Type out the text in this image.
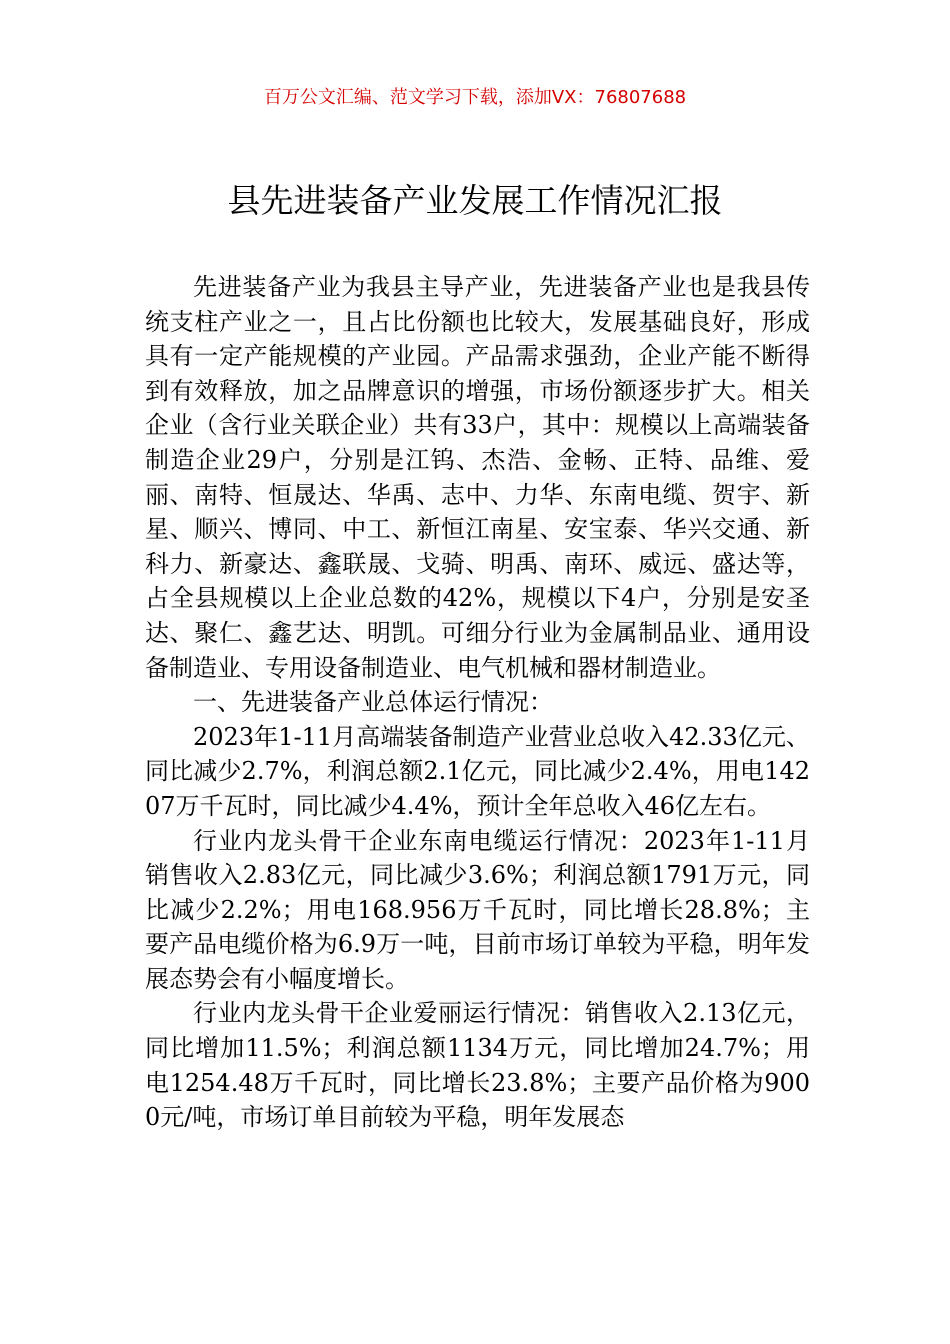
百万公文汇编、范文学习下载，添加VX：76807688
县先进装备产业发展工作情况汇报

先进装备产业为我县主导产业，先进装备产业也是我县传统支柱产业之一，且占比份额也比较大，发展基础良好，形成具有一定产能规模的产业园。产品需求强劲，企业产能不断得到有效释放，加之品牌意识的增强，市场份额逐步扩大。相关企业（含行业关联企业）共有33户，其中：规模以上高端装备制造企业29户，分别是江钨、杰浩、金畅、正特、品维、爱丽、南特、恒晟达、华禹、志中、力华、东南电缆、贺宇、新星、顺兴、博同、中工、新恒江南星、安宝泰、华兴交通、新科力、新豪达、鑫联晟、戈骑、明禹、南环、威远、盛达等，占全县规模以上企业总数的42%，规模以下4户，分别是安圣达、聚仁、鑫艺达、明凯。可细分行业为金属制品业、通用设备制造业、专用设备制造业、电气机械和器材制造业。

一、先进装备产业总体运行情况：

2023年1-11月高端装备制造产业营业总收入42.33亿元、同比减少2.7%，利润总额2.1亿元，同比减少2.4%，用电14207万千瓦时，同比减少4.4%，预计全年总收入46亿左右。

行业内龙头骨干企业东南电缆运行情况：2023年1-11月销售收入2.83亿元，同比减少3.6%；利润总额1791万元，同比减少2.2%；用电168.956万千瓦时，同比增长28.8%；主要产品电缆价格为6.9万一吨，目前市场订单较为平稳，明年发展态势会有小幅度增长。

行业内龙头骨干企业爱丽运行情况：销售收入2.13亿元，同比增加11.5%；利润总额1134万元，同比增加24.7%；用电1254.48万千瓦时，同比增长23.8%；主要产品价格为9000元/吨，市场订单目前较为平稳，明年发展态
